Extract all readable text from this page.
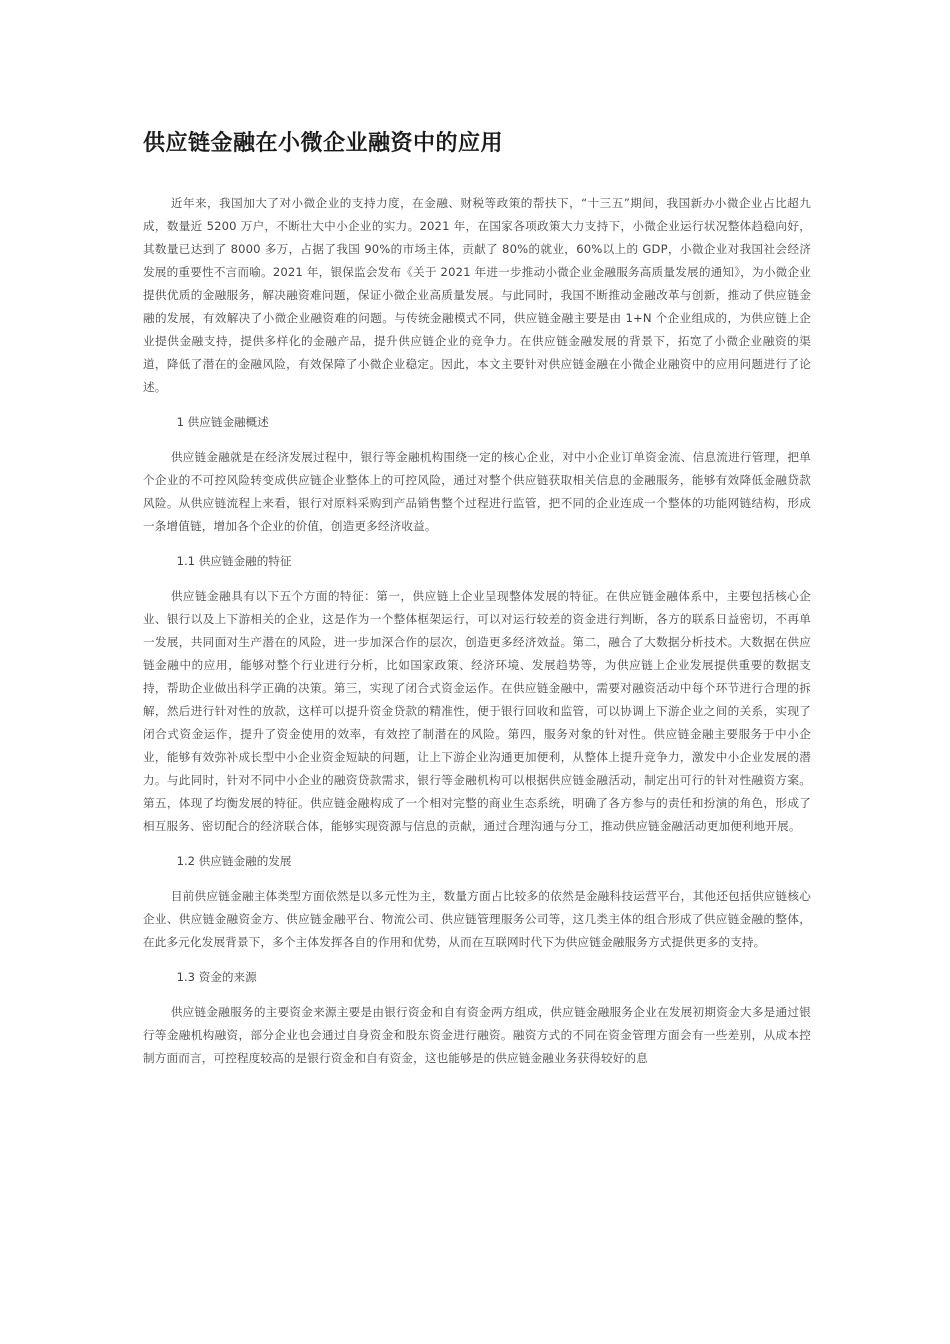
供应链金融在小微企业融资中的应用

近年来，我国加大了对小微企业的支持力度，在金融、财税等政策的帮扶下，“十三五”期间，我国新办小微企业占比超九成，数量近 5200 万户，不断壮大中小企业的实力。2021 年，在国家各项政策大力支持下，小微企业运行状况整体趋稳向好，其数量已达到了 8000 多万，占据了我国 90%的市场主体，贡献了 80%的就业，60%以上的 GDP，小微企业对我国社会经济发展的重要性不言而喻。2021 年，银保监会发布《关于 2021 年进一步推动小微企业金融服务高质量发展的通知》，为小微企业提供优质的金融服务，解决融资难问题，保证小微企业高质量发展。与此同时，我国不断推动金融改革与创新，推动了供应链金融的发展，有效解决了小微企业融资难的问题。与传统金融模式不同，供应链金融主要是由 1+N 个企业组成的，为供应链上企业提供金融支持，提供多样化的金融产品，提升供应链企业的竞争力。在供应链金融发展的背景下，拓宽了小微企业融资的渠道，降低了潜在的金融风险，有效保障了小微企业稳定。因此，本文主要针对供应链金融在小微企业融资中的应用问题进行了论述。

1 供应链金融概述

供应链金融就是在经济发展过程中，银行等金融机构围绕一定的核心企业，对中小企业订单资金流、信息流进行管理，把单个企业的不可控风险转变成供应链企业整体上的可控风险，通过对整个供应链获取相关信息的金融服务，能够有效降低金融贷款风险。从供应链流程上来看，银行对原料采购到产品销售整个过程进行监管，把不同的企业连成一个整体的功能网链结构，形成一条增值链，增加各个企业的价值，创造更多经济收益。

1.1 供应链金融的特征

供应链金融具有以下五个方面的特征：第一，供应链上企业呈现整体发展的特征。在供应链金融体系中，主要包括核心企业、银行以及上下游相关的企业，这是作为一个整体框架运行，可以对运行较差的资金进行判断，各方的联系日益密切，不再单一发展，共同面对生产潜在的风险，进一步加深合作的层次，创造更多经济效益。第二，融合了大数据分析技术。大数据在供应链金融中的应用，能够对整个行业进行分析，比如国家政策、经济环境、发展趋势等，为供应链上企业发展提供重要的数据支持，帮助企业做出科学正确的决策。第三，实现了闭合式资金运作。在供应链金融中，需要对融资活动中每个环节进行合理的拆解，然后进行针对性的放款，这样可以提升资金贷款的精准性，便于银行回收和监管，可以协调上下游企业之间的关系，实现了闭合式资金运作，提升了资金使用的效率，有效控了制潜在的风险。第四，服务对象的针对性。供应链金融主要服务于中小企业，能够有效弥补成长型中小企业资金短缺的问题，让上下游企业沟通更加便利，从整体上提升竞争力，激发中小企业发展的潜力。与此同时，针对不同中小企业的融资贷款需求，银行等金融机构可以根据供应链金融活动，制定出可行的针对性融资方案。第五，体现了均衡发展的特征。供应链金融构成了一个相对完整的商业生态系统，明确了各方参与的责任和扮演的角色，形成了相互服务、密切配合的经济联合体，能够实现资源与信息的贡献，通过合理沟通与分工，推动供应链金融活动更加便利地开展。

1.2 供应链金融的发展

目前供应链金融主体类型方面依然是以多元性为主，数量方面占比较多的依然是金融科技运营平台，其他还包括供应链核心企业、供应链金融资金方、供应链金融平台、物流公司、供应链管理服务公司等，这几类主体的组合形成了供应链金融的整体，在此多元化发展背景下，多个主体发挥各自的作用和优势，从而在互联网时代下为供应链金融服务方式提供更多的支持。

1.3 资金的来源

供应链金融服务的主要资金来源主要是由银行资金和自有资金两方组成，供应链金融服务企业在发展初期资金大多是通过银行等金融机构融资，部分企业也会通过自身资金和股东资金进行融资。融资方式的不同在资金管理方面会有一些差别，从成本控制方面而言，可控程度较高的是银行资金和自有资金，这也能够是的供应链金融业务获得较好的息
